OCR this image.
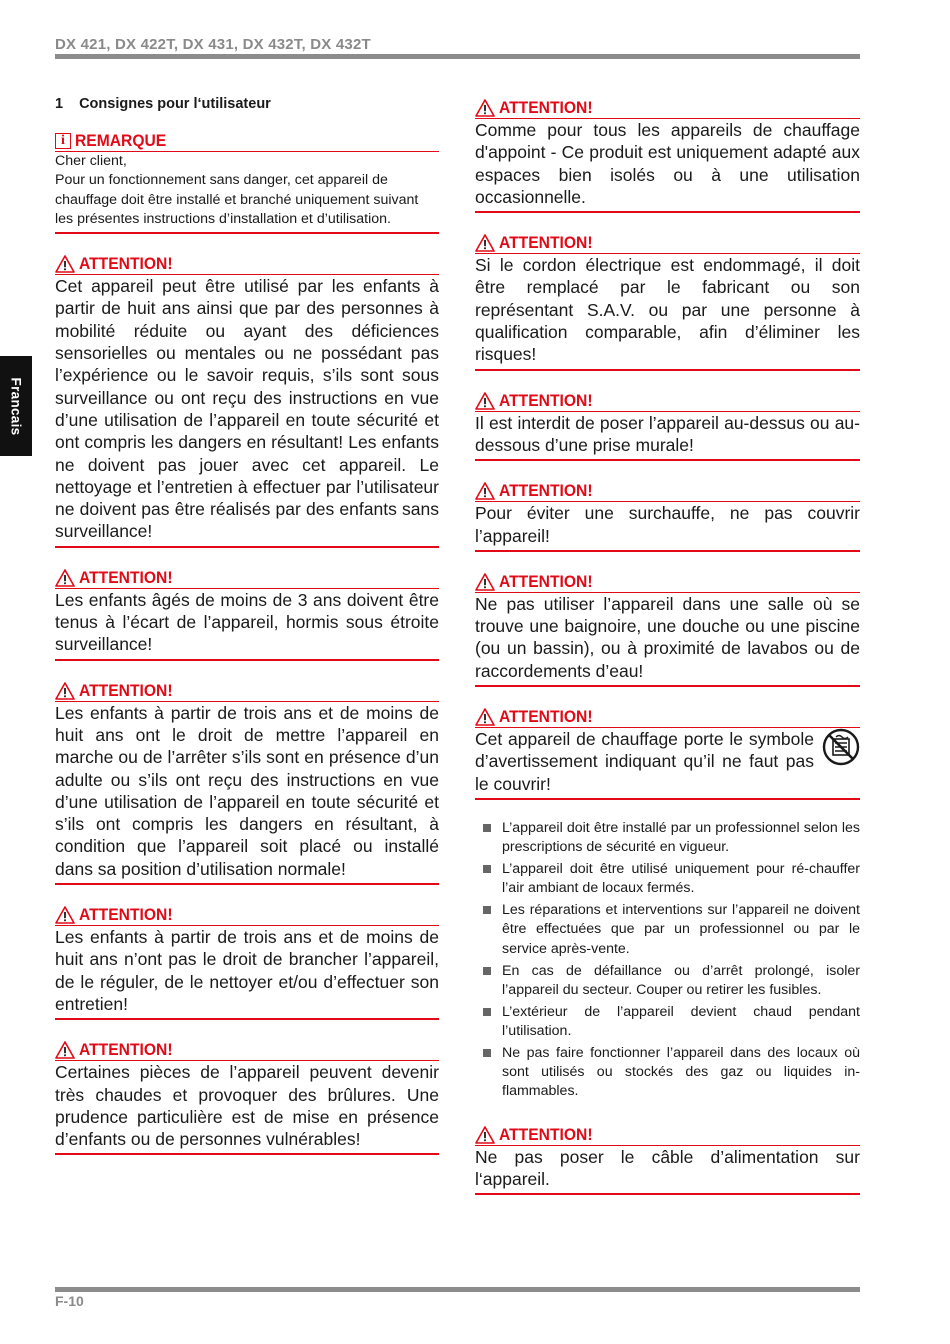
DX 421, DX 422T, DX 431, DX 432T, DX 432T
Francais
1 Consignes pour l‘utilisateur
i REMARQUE

Cher client,

Pour un fonctionnement sans danger, cet appareil de chauffage doit être installé et branché uniquement suivant les présentes instructions d’installation et d’utilisation.

ATTENTION!
Cet appareil peut être utilisé par les enfants à partir de huit ans ainsi que par des personnes à mobilité réduite ou ayant des déficiences sensorielles ou mentales ou ne possédant pas l’expérience ou le savoir requis, s’ils sont sous surveillance ou ont reçu des instructions en vue d’une utilisation de l’appareil en toute sécurité et ont compris les dangers en résultant! Les enfants ne doivent pas jouer avec cet appareil. Le nettoyage et l’entretien à effectuer par l’utilisateur ne doivent pas être réalisés par des enfants sans surveillance!
ATTENTION!
Les enfants âgés de moins de 3 ans doivent être tenus à l’écart de l’appareil, hormis sous étroite surveillance!
ATTENTION!
Les enfants à partir de trois ans et de moins de huit ans ont le droit de mettre l’appareil en marche ou de l’arrêter s’ils sont en présence d’un adulte ou s’ils ont reçu des instructions en vue d’une utilisation de l’appareil en toute sécurité et s’ils ont compris les dangers en résultant, à condition que l’appareil soit placé ou installé dans sa position d’utilisation normale!
ATTENTION!
Les enfants à partir de trois ans et de moins de huit ans n’ont pas le droit de brancher l’appareil, de le réguler, de le nettoyer et/ou d’effectuer son entretien!
ATTENTION!
Certaines pièces de l’appareil peuvent devenir très chaudes et provoquer des brûlures. Une prudence particulière est de mise en présence d’enfants ou de personnes vulnérables!
ATTENTION!
Comme pour tous les appareils de chauffage d'appoint - Ce produit est uniquement adapté aux espaces bien isolés ou à une utilisation occasionnelle.
ATTENTION!
Si le cordon électrique est endommagé, il doit être remplacé par le fabricant ou son représentant S.A.V. ou par une personne à qualification comparable, afin d’éliminer les risques!
ATTENTION!
Il est interdit de poser l’appareil au-dessus ou au-dessous d’une prise murale!
ATTENTION!
Pour éviter une surchauffe, ne pas couvrir l’appareil!
ATTENTION!
Ne pas utiliser l’appareil dans une salle où se trouve une baignoire, une douche ou une piscine (ou un bassin), ou à proximité de lavabos ou de raccordements d’eau!
ATTENTION!
Cet appareil de chauffage porte le symbole d’avertissement indiquant qu’il ne faut pas le couvrir!
L’appareil doit être installé par un professionnel selon les prescriptions de sécurité en vigueur.
L’appareil doit être utilisé uniquement pour ré-chauffer l’air ambiant de locaux fermés.
Les réparations et interventions sur l’appareil ne doivent être effectuées que par un professionnel ou par le service après-vente.
En cas de défaillance ou d’arrêt prolongé, isoler l’appareil du secteur. Couper ou retirer les fusibles.
L’extérieur de l’appareil devient chaud pendant l’utilisation.
Ne pas faire fonctionner l’appareil dans des locaux où sont utilisés ou stockés des gaz ou liquides in-flammables.
ATTENTION!
Ne pas poser le câble d’alimentation sur l‘appareil.
F-10
